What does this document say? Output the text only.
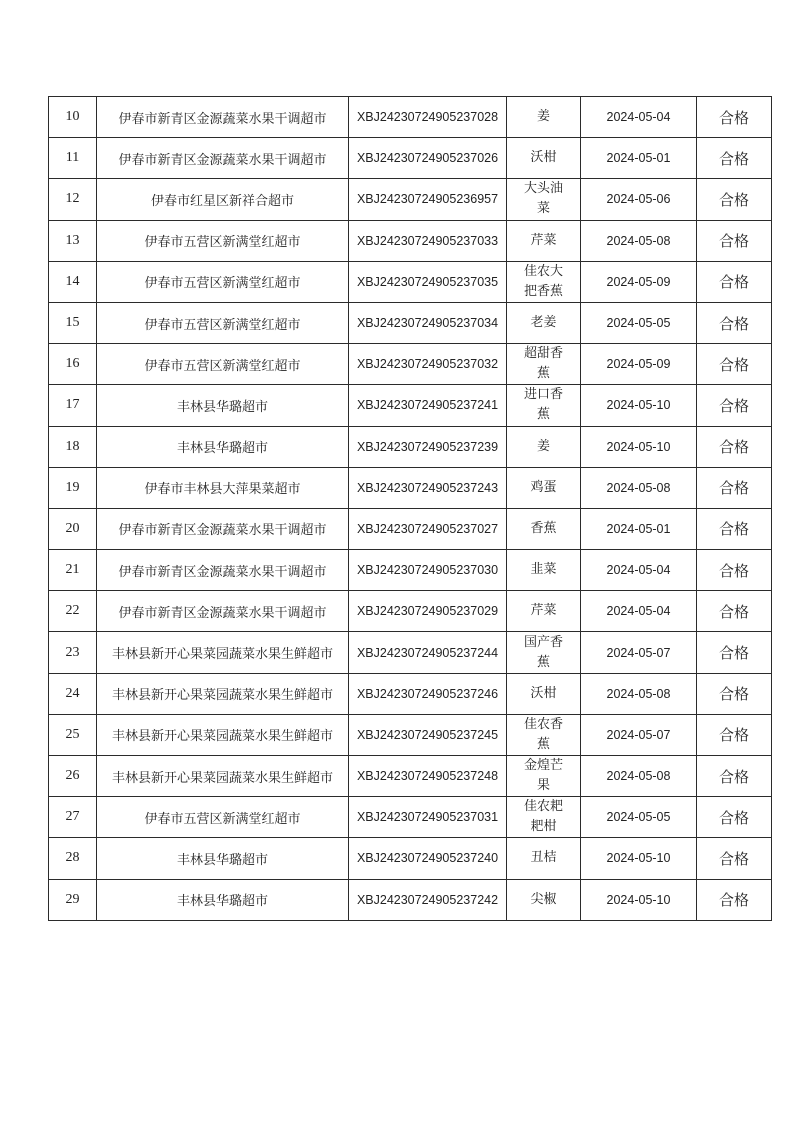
10	伊春市新青区金源蔬菜水果干调超市	XBJ24230724905237028	姜	2024-05-04	合格
11	伊春市新青区金源蔬菜水果干调超市	XBJ24230724905237026	沃柑	2024-05-01	合格
12	伊春市红星区新祥合超市	XBJ24230724905236957	大头油菜	2024-05-06	合格
13	伊春市五营区新满堂红超市	XBJ24230724905237033	芹菜	2024-05-08	合格
14	伊春市五营区新满堂红超市	XBJ24230724905237035	佳农大把香蕉	2024-05-09	合格
15	伊春市五营区新满堂红超市	XBJ24230724905237034	老姜	2024-05-05	合格
16	伊春市五营区新满堂红超市	XBJ24230724905237032	超甜香蕉	2024-05-09	合格
17	丰林县华璐超市	XBJ24230724905237241	进口香蕉	2024-05-10	合格
18	丰林县华璐超市	XBJ24230724905237239	姜	2024-05-10	合格
19	伊春市丰林县大萍果菜超市	XBJ24230724905237243	鸡蛋	2024-05-08	合格
20	伊春市新青区金源蔬菜水果干调超市	XBJ24230724905237027	香蕉	2024-05-01	合格
21	伊春市新青区金源蔬菜水果干调超市	XBJ24230724905237030	韭菜	2024-05-04	合格
22	伊春市新青区金源蔬菜水果干调超市	XBJ24230724905237029	芹菜	2024-05-04	合格
23	丰林县新开心果菜园蔬菜水果生鲜超市	XBJ24230724905237244	国产香蕉	2024-05-07	合格
24	丰林县新开心果菜园蔬菜水果生鲜超市	XBJ24230724905237246	沃柑	2024-05-08	合格
25	丰林县新开心果菜园蔬菜水果生鲜超市	XBJ24230724905237245	佳农香蕉	2024-05-07	合格
26	丰林县新开心果菜园蔬菜水果生鲜超市	XBJ24230724905237248	金煌芒果	2024-05-08	合格
27	伊春市五营区新满堂红超市	XBJ24230724905237031	佳农耙耙柑	2024-05-05	合格
28	丰林县华璐超市	XBJ24230724905237240	丑桔	2024-05-10	合格
29	丰林县华璐超市	XBJ24230724905237242	尖椒	2024-05-10	合格
